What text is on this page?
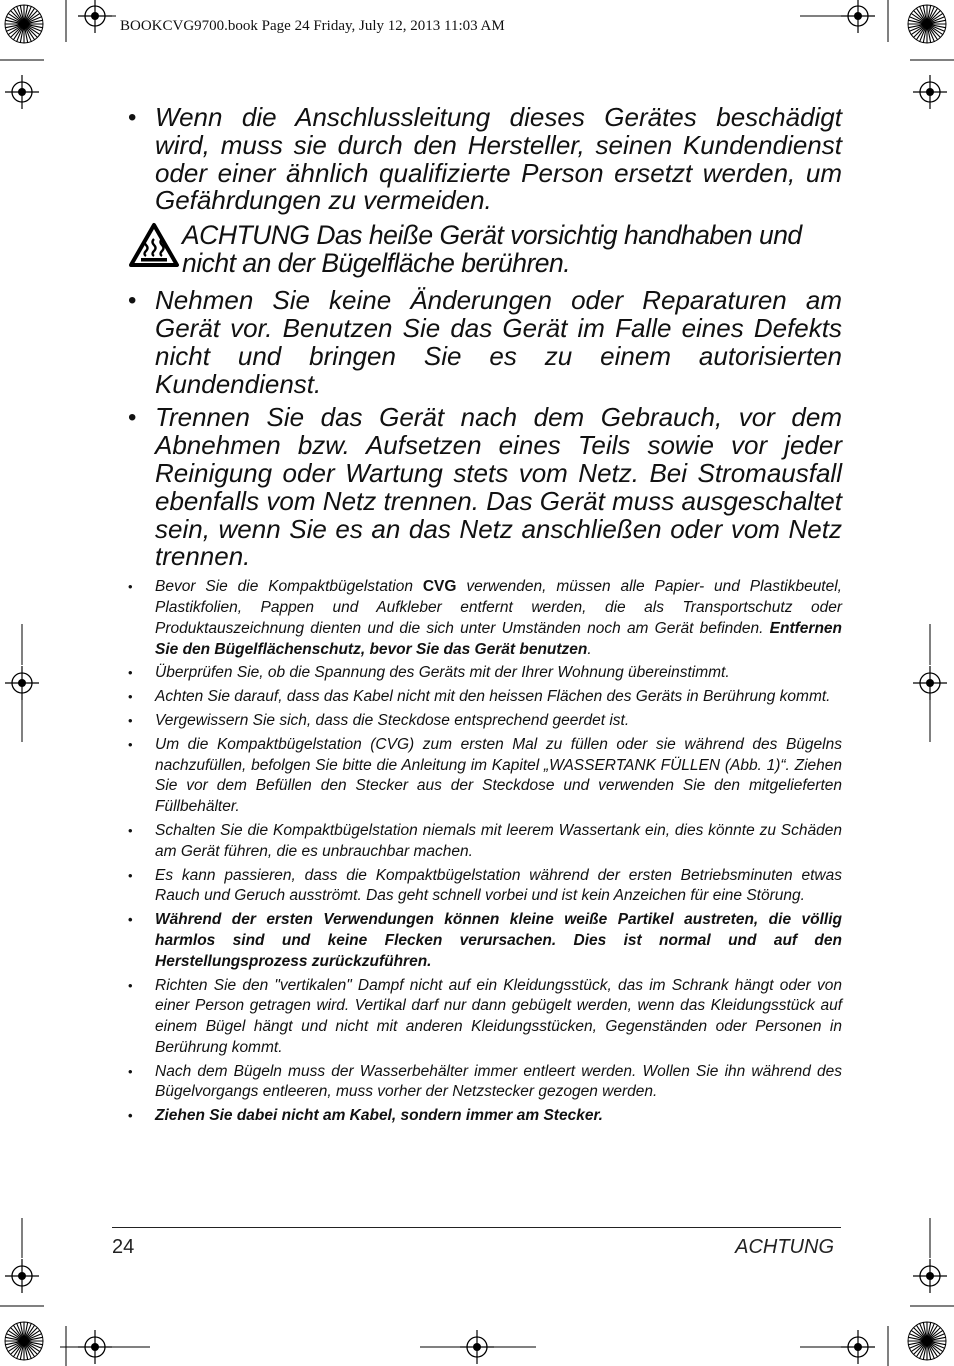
BOOKCVG9700.book Page 24 Friday, July 12, 2013 11:03 AM
• Wenn die Anschlussleitung dieses Gerätes beschädigt wird, muss sie durch den Hersteller, seinen Kundendienst oder einer ähnlich qualifizierte Person ersetzt werden, um Gefährdungen zu vermeiden.
ACHTUNG Das heiße Gerät vorsichtig handhaben und nicht an der Bügelfläche berühren.
• Nehmen Sie keine Änderungen oder Reparaturen am Gerät vor. Benutzen Sie das Gerät im Falle eines Defekts nicht und bringen Sie es zu einem autorisierten Kundendienst.
• Trennen Sie das Gerät nach dem Gebrauch, vor dem Abnehmen bzw. Aufsetzen eines Teils sowie vor jeder Reinigung oder Wartung stets vom Netz. Bei Stromausfall ebenfalls vom Netz trennen. Das Gerät muss ausgeschaltet sein, wenn Sie es an das Netz anschließen oder vom Netz trennen.
•	Bevor Sie die Kompaktbügelstation CVG verwenden, müssen alle Papier- und Plastikbeutel, Plastikfolien, Pappen und Aufkleber entfernt werden, die als Transportschutz oder Produktauszeichnung dienten und die sich unter Umständen noch am Gerät befinden. Entfernen Sie den Bügelflächenschutz, bevor Sie das Gerät benutzen.
•	Überprüfen Sie, ob die Spannung des Geräts mit der Ihrer Wohnung übereinstimmt.
•	Achten Sie darauf, dass das Kabel nicht mit den heissen Flächen des Geräts in Berührung kommt.
•	Vergewissern Sie sich, dass die Steckdose entsprechend geerdet ist.
•	Um die Kompaktbügelstation (CVG) zum ersten Mal zu füllen oder sie während des Bügelns nachzufüllen, befolgen Sie bitte die Anleitung im Kapitel „WASSERTANK FÜLLEN (Abb. 1)“. Ziehen Sie vor dem Befüllen den Stecker aus der Steckdose und verwenden Sie den mitgelieferten Füllbehälter.
•	Schalten Sie die Kompaktbügelstation niemals mit leerem Wassertank ein, dies könnte zu Schäden am Gerät führen, die es unbrauchbar machen.
•	Es kann passieren, dass die Kompaktbügelstation während der ersten Betriebsminuten etwas Rauch und Geruch ausströmt. Das geht schnell vorbei und ist kein Anzeichen für eine Störung.
•	Während der ersten Verwendungen können kleine weiße Partikel austreten, die völlig harmlos sind und keine Flecken verursachen. Dies ist normal und auf den Herstellungsprozess zurückzuführen.
•	Richten Sie den "vertikalen" Dampf nicht auf ein Kleidungsstück, das im Schrank hängt oder von einer Person getragen wird. Vertikal darf nur dann gebügelt werden, wenn das Kleidungsstück auf einem Bügel hängt und nicht mit anderen Kleidungsstücken, Gegenständen oder Personen in Berührung kommt.
•	Nach dem Bügeln muss der Wasserbehälter immer entleert werden. Wollen Sie ihn während des Bügelvorgangs entleeren, muss vorher der Netzstecker gezogen werden.
•	Ziehen Sie dabei nicht am Kabel, sondern immer am Stecker.
24	ACHTUNG
